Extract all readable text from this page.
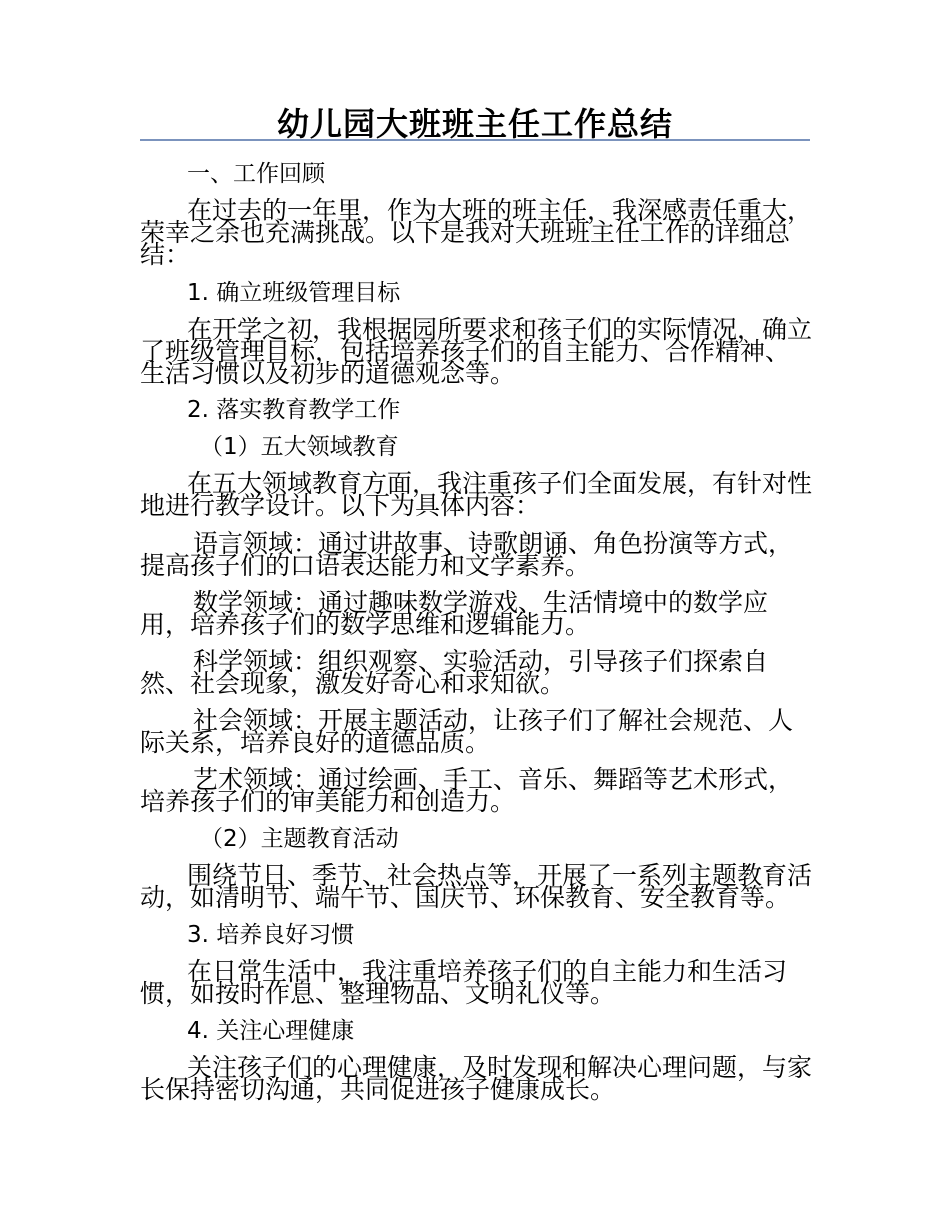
幼儿园大班班主任工作总结
一、工作回顾
在过去的一年里，作为大班的班主任，我深感责任重大，荣幸之余也充满挑战。以下是我对大班班主任工作的详细总结：
1. 确立班级管理目标
在开学之初，我根据园所要求和孩子们的实际情况，确立了班级管理目标，包括培养孩子们的自主能力、合作精神、生活习惯以及初步的道德观念等。
2. 落实教育教学工作
（1）五大领域教育
在五大领域教育方面，我注重孩子们全面发展，有针对性地进行教学设计。以下为具体内容：
语言领域：通过讲故事、诗歌朗诵、角色扮演等方式，提高孩子们的口语表达能力和文学素养。
数学领域：通过趣味数学游戏、生活情境中的数学应用，培养孩子们的数学思维和逻辑能力。
科学领域：组织观察、实验活动，引导孩子们探索自然、社会现象，激发好奇心和求知欲。
社会领域：开展主题活动，让孩子们了解社会规范、人际关系，培养良好的道德品质。
艺术领域：通过绘画、手工、音乐、舞蹈等艺术形式，培养孩子们的审美能力和创造力。
（2）主题教育活动
围绕节日、季节、社会热点等，开展了一系列主题教育活动，如清明节、端午节、国庆节、环保教育、安全教育等。
3. 培养良好习惯
在日常生活中，我注重培养孩子们的自主能力和生活习惯，如按时作息、整理物品、文明礼仪等。
4. 关注心理健康
关注孩子们的心理健康，及时发现和解决心理问题，与家长保持密切沟通，共同促进孩子健康成长。
